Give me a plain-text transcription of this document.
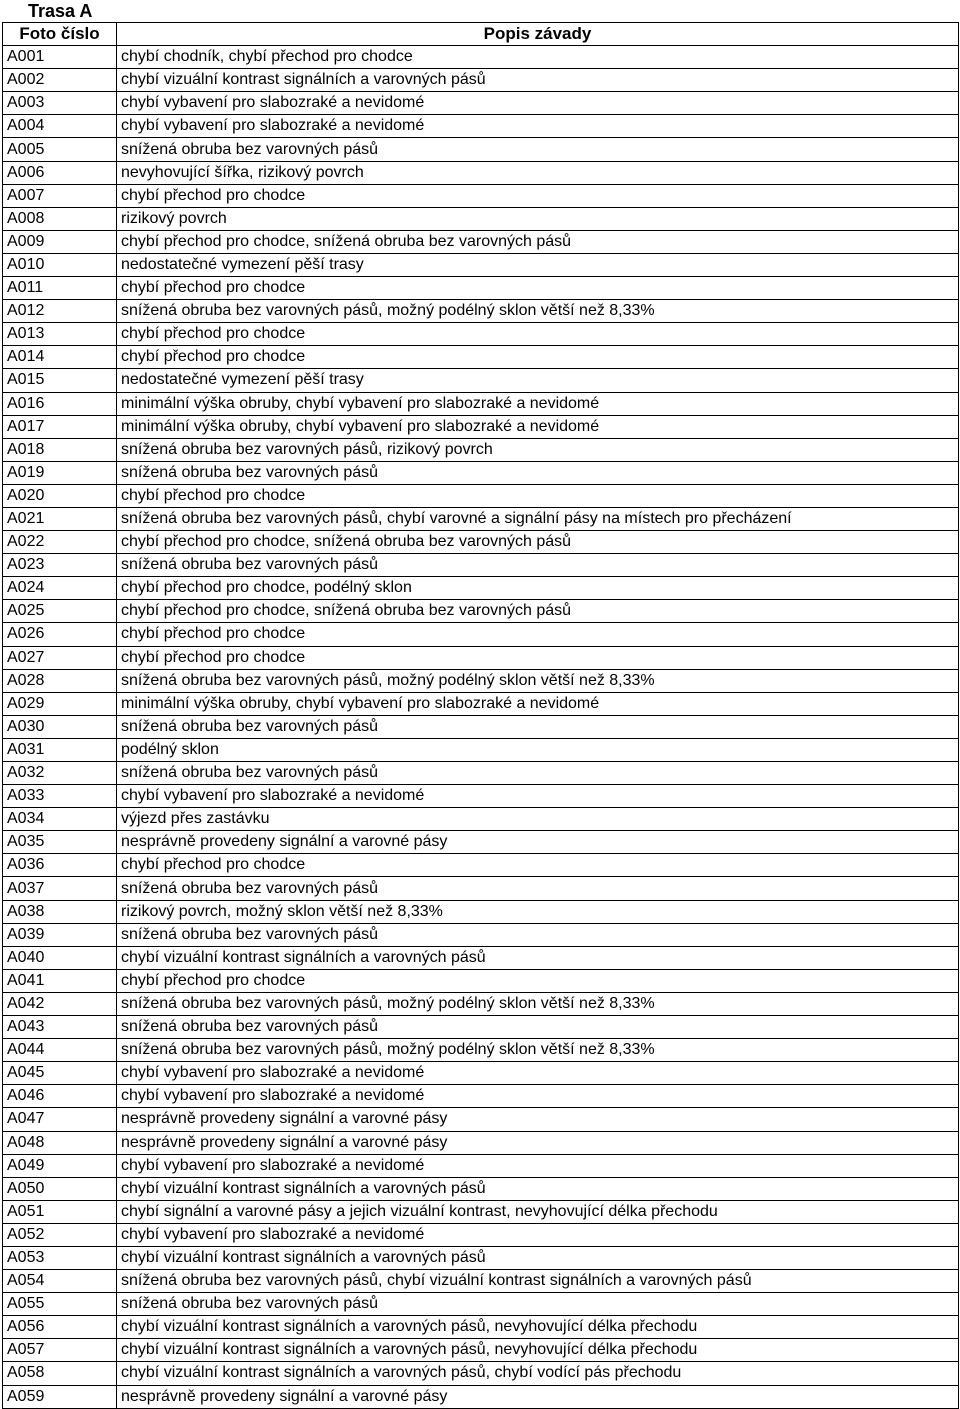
Trasa A
Foto číslo	Popis závady
A001	chybí chodník, chybí přechod pro chodce
A002	chybí vizuální kontrast signálních a varovných pásů
A003	chybí vybavení pro slabozraké a nevidomé
A004	chybí vybavení pro slabozraké a nevidomé
A005	snížená obruba bez varovných pásů
A006	nevyhovující šířka, rizikový povrch
A007	chybí přechod pro chodce
A008	rizikový povrch
A009	chybí přechod pro chodce, snížená obruba bez varovných pásů
A010	nedostatečné vymezení pěší trasy
A011	chybí přechod pro chodce
A012	snížená obruba bez varovných pásů, možný podélný sklon větší než 8,33%
A013	chybí přechod pro chodce
A014	chybí přechod pro chodce
A015	nedostatečné vymezení pěší trasy
A016	minimální výška obruby, chybí vybavení pro slabozraké a nevidomé
A017	minimální výška obruby, chybí vybavení pro slabozraké a nevidomé
A018	snížená obruba bez varovných pásů, rizikový povrch
A019	snížená obruba bez varovných pásů
A020	chybí přechod pro chodce
A021	snížená obruba bez varovných pásů, chybí varovné a signální pásy na místech pro přecházení
A022	chybí přechod pro chodce, snížená obruba bez varovných pásů
A023	snížená obruba bez varovných pásů
A024	chybí přechod pro chodce, podélný sklon
A025	chybí přechod pro chodce, snížená obruba bez varovných pásů
A026	chybí přechod pro chodce
A027	chybí přechod pro chodce
A028	snížená obruba bez varovných pásů, možný podélný sklon větší než 8,33%
A029	minimální výška obruby, chybí vybavení pro slabozraké a nevidomé
A030	snížená obruba bez varovných pásů
A031	podélný sklon
A032	snížená obruba bez varovných pásů
A033	chybí vybavení pro slabozraké a nevidomé
A034	výjezd přes zastávku
A035	nesprávně provedeny signální a varovné pásy
A036	chybí přechod pro chodce
A037	snížená obruba bez varovných pásů
A038	rizikový povrch, možný sklon větší než 8,33%
A039	snížená obruba bez varovných pásů
A040	chybí vizuální kontrast signálních a varovných pásů
A041	chybí přechod pro chodce
A042	snížená obruba bez varovných pásů, možný podélný sklon větší než 8,33%
A043	snížená obruba bez varovných pásů
A044	snížená obruba bez varovných pásů, možný podélný sklon větší než 8,33%
A045	chybí vybavení pro slabozraké a nevidomé
A046	chybí vybavení pro slabozraké a nevidomé
A047	nesprávně provedeny signální a varovné pásy
A048	nesprávně provedeny signální a varovné pásy
A049	chybí vybavení pro slabozraké a nevidomé
A050	chybí vizuální kontrast signálních a varovných pásů
A051	chybí signální a varovné pásy a jejich vizuální kontrast, nevyhovující délka přechodu
A052	chybí vybavení pro slabozraké a nevidomé
A053	chybí vizuální kontrast signálních a varovných pásů
A054	snížená obruba bez varovných pásů, chybí vizuální kontrast signálních a varovných pásů
A055	snížená obruba bez varovných pásů
A056	chybí vizuální kontrast signálních a varovných pásů, nevyhovující délka přechodu
A057	chybí vizuální kontrast signálních a varovných pásů, nevyhovující délka přechodu
A058	chybí vizuální kontrast signálních a varovných pásů, chybí vodící pás přechodu
A059	nesprávně provedeny signální a varovné pásy
